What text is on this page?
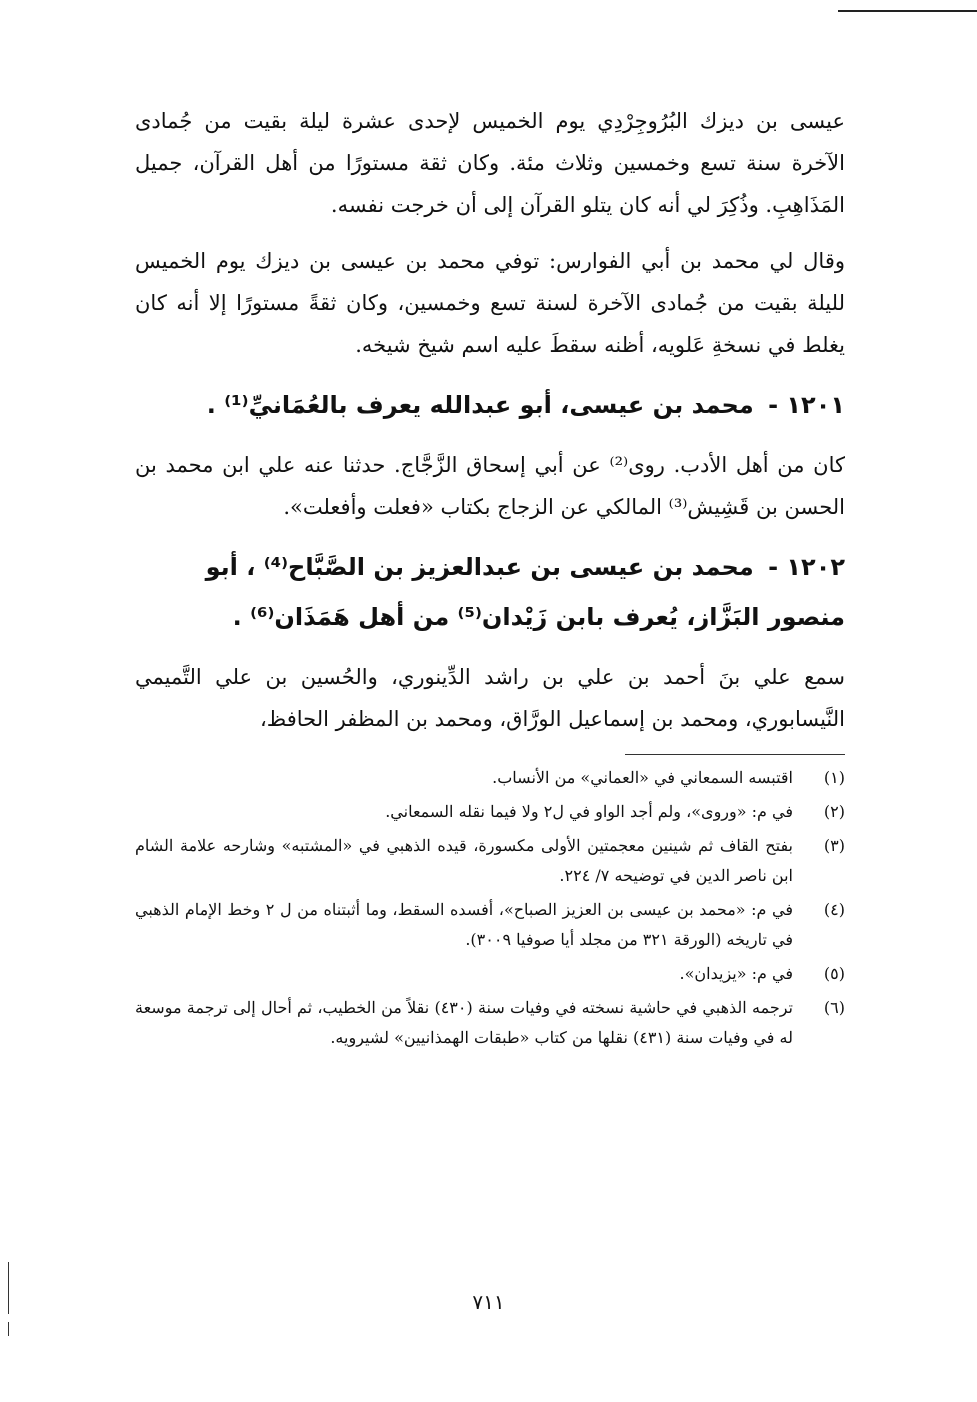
عيسى بن ديزك البُرُوجِرْدِي يوم الخميس لإحدى عشرة ليلة بقيت من جُمادى الآخرة سنة تسع وخمسين وثلاث مئة. وكان ثقة مستورًا من أهل القرآن، جميل المَذَاهِبِ. وذُكِرَ لي أنه كان يتلو القرآن إلى أن خرجت نفسه.

وقال لي محمد بن أبي الفوارس: توفي محمد بن عيسى بن ديزك يوم الخميس لليلة بقيت من جُمادى الآخرة لسنة تسع وخمسين، وكان ثقةً مستورًا إلا أنه كان يغلط في نسخةِ عَلويه، أظنه سقطَ عليه اسم شيخ شيخه.

١٢٠١ - محمد بن عيسى، أبو عبدالله يعرف بالعُمَانيِّ⁽¹⁾ .

كان من أهل الأدب. روى⁽²⁾ عن أبي إسحاق الزَّجَّاج. حدثنا عنه علي ابن محمد بن الحسن بن قَشِيش⁽³⁾ المالكي عن الزجاج بكتاب «فعلت وأفعلت».

١٢٠٢ - محمد بن عيسى بن عبدالعزيز بن الصَّبَّاح⁽⁴⁾ ، أبو منصور البَزَّاز، يُعرف بابن زَيْدان⁽⁵⁾ من أهل هَمَذَان⁽⁶⁾ .

سمع علي بنَ أحمد بن علي بن راشد الدِّينوري، والحُسين بن علي التَّميمي النَّيسابوري، ومحمد بن إسماعيل الورَّاق، ومحمد بن المظفر الحافظ،

(١)
اقتبسه السمعاني في «العماني» من الأنساب.
(٢)
في م: «وروى»، ولم أجد الواو في ل٢ ولا فيما نقله السمعاني.
(٣)
بفتح القاف ثم شينين معجمتين الأولى مكسورة، قيده الذهبي في «المشتبه» وشارحه علامة الشام ابن ناصر الدين في توضيحه ٧/ ٢٢٤.
(٤)
في م: «محمد بن عيسى بن العزيز الصباح»، أفسده السقط، وما أثبتناه من ل ٢ وخط الإمام الذهبي في تاريخه (الورقة ٣٢١ من مجلد أيا صوفيا ٣٠٠٩).
(٥)
في م: «يزيدان».
(٦)
ترجمه الذهبي في حاشية نسخته في وفيات سنة (٤٣٠) نقلاً من الخطيب، ثم أحال إلى ترجمة موسعة له في وفيات سنة (٤٣١) نقلها من كتاب «طبقات الهمذانيين» لشيرويه.
٧١١
